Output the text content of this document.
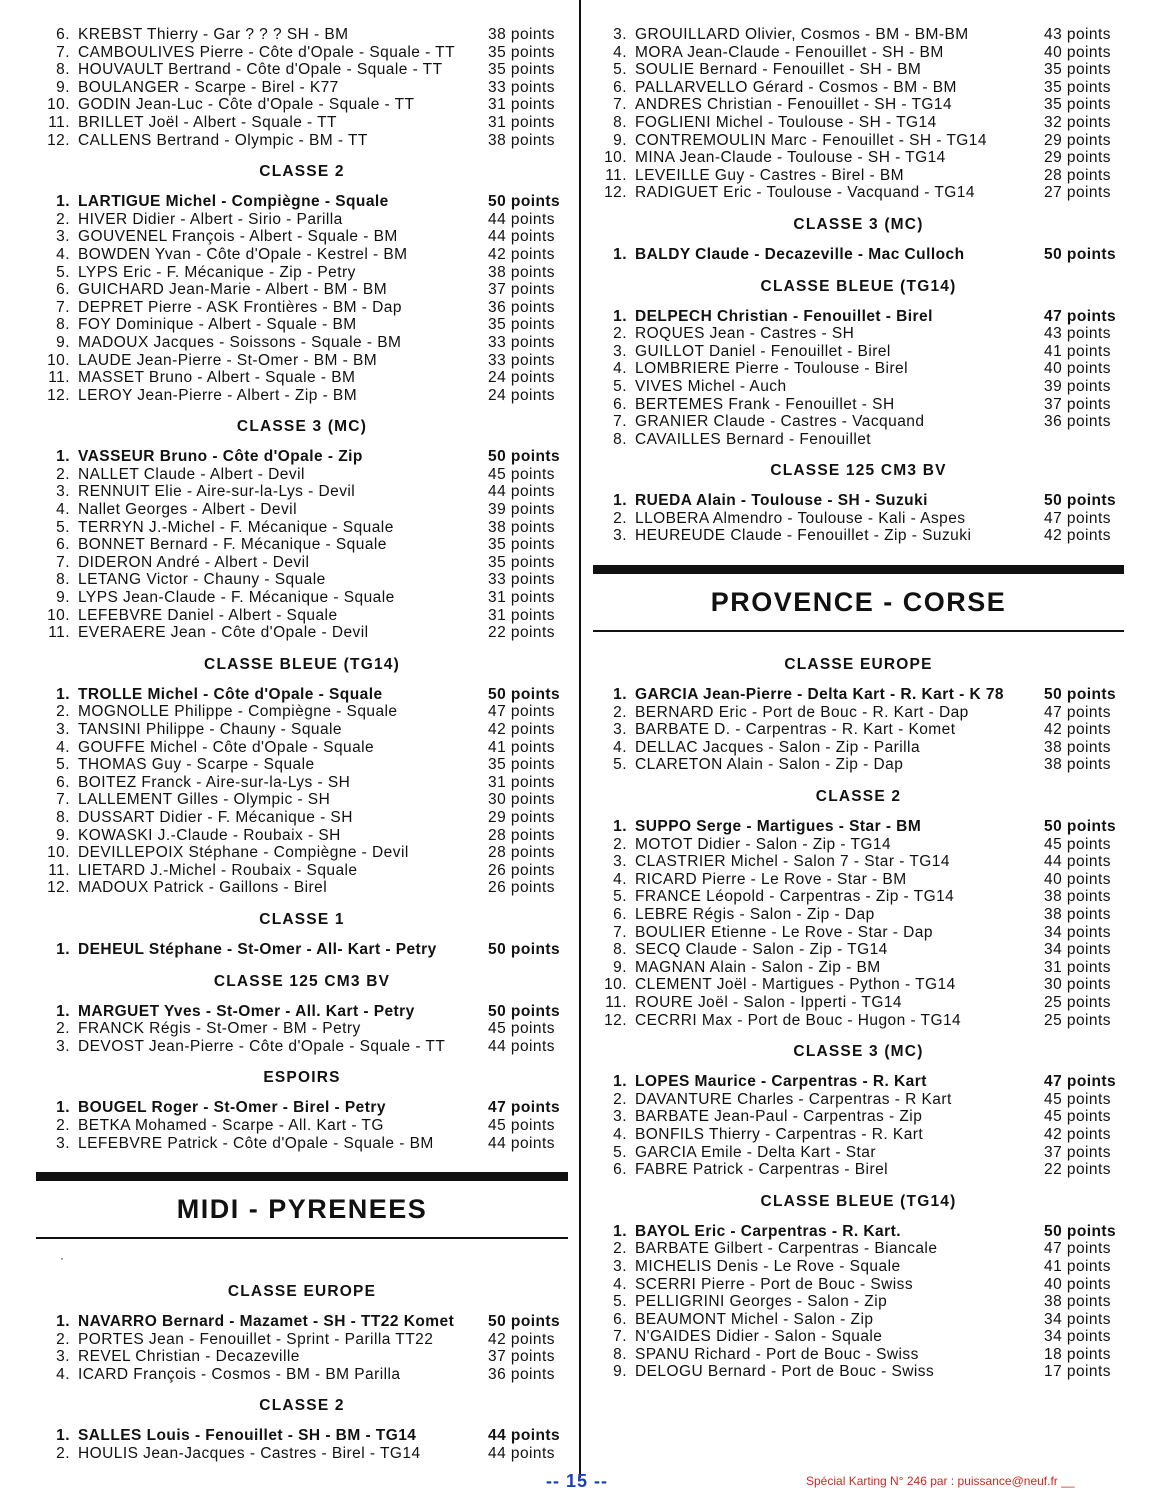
6. KREBST Thierry - Gar ? ? ? SH - BM	38 points
7. CAMBOULIVES Pierre - Côte d'Opale - Squale - TT	35 points
8. HOUVAULT Bertrand - Côte d'Opale - Squale - TT	35 points
9. BOULANGER - Scarpe - Birel - K77	33 points
10. GODIN Jean-Luc - Côte d'Opale - Squale - TT	31 points
11. BRILLET Joël - Albert - Squale - TT	31 points
12. CALLENS Bertrand - Olympic - BM - TT	38 points
CLASSE 2
1. LARTIGUE Michel - Compiègne - Squale	50 points
2. HIVER Didier - Albert - Sirio - Parilla	44 points
3. GOUVENEL François - Albert - Squale - BM	44 points
4. BOWDEN Yvan - Côte d'Opale - Kestrel - BM	42 points
5. LYPS Eric - F. Mécanique - Zip - Petry	38 points
6. GUICHARD Jean-Marie - Albert - BM - BM	37 points
7. DEPRET Pierre - ASK Frontières - BM - Dap	36 points
8. FOY Dominique - Albert - Squale - BM	35 points
9. MADOUX Jacques - Soissons - Squale - BM	33 points
10. LAUDE Jean-Pierre - St-Omer - BM - BM	33 points
11. MASSET Bruno - Albert - Squale - BM	24 points
12. LEROY Jean-Pierre - Albert - Zip - BM	24 points
CLASSE 3 (MC)
1. VASSEUR Bruno - Côte d'Opale - Zip	50 points
2. NALLET Claude - Albert - Devil	45 points
3. RENNUIT Elie - Aire-sur-la-Lys - Devil	44 points
4. Nallet Georges - Albert - Devil	39 points
5. TERRYN J.-Michel - F. Mécanique - Squale	38 points
6. BONNET Bernard - F. Mécanique - Squale	35 points
7. DIDERON André - Albert - Devil	35 points
8. LETANG Victor - Chauny - Squale	33 points
9. LYPS Jean-Claude - F. Mécanique - Squale	31 points
10. LEFEBVRE Daniel - Albert - Squale	31 points
11. EVERAERE Jean - Côte d'Opale - Devil	22 points
CLASSE BLEUE (TG14)
1. TROLLE Michel - Côte d'Opale - Squale	50 points
2. MOGNOLLE Philippe - Compiègne - Squale	47 points
3. TANSINI Philippe - Chauny - Squale	42 points
4. GOUFFE Michel - Côte d'Opale - Squale	41 points
5. THOMAS Guy - Scarpe - Squale	35 points
6. BOITEZ Franck - Aire-sur-la-Lys - SH	31 points
7. LALLEMENT Gilles - Olympic - SH	30 points
8. DUSSART Didier - F. Mécanique - SH	29 points
9. KOWASKI J.-Claude - Roubaix - SH	28 points
10. DEVILLEPOIX Stéphane - Compiègne - Devil	28 points
11. LIETARD J.-Michel - Roubaix - Squale	26 points
12. MADOUX Patrick - Gaillons - Birel	26 points
CLASSE 1
1. DEHEUL Stéphane - St-Omer - All- Kart - Petry	50 points
CLASSE 125 CM3 BV
1. MARGUET Yves - St-Omer - All. Kart - Petry	50 points
2. FRANCK Régis - St-Omer - BM - Petry	45 points
3. DEVOST Jean-Pierre - Côte d'Opale - Squale - TT	44 points
ESPOIRS
1. BOUGEL Roger - St-Omer - Birel - Petry	47 points
2. BETKA Mohamed - Scarpe - All. Kart - TG	45 points
3. LEFEBVRE Patrick - Côte d'Opale - Squale - BM	44 points
MIDI - PYRENEES
·
CLASSE EUROPE
1. NAVARRO Bernard - Mazamet - SH - TT22 Komet	50 points
2. PORTES Jean - Fenouillet - Sprint - Parilla TT22	42 points
3. REVEL Christian - Decazeville	37 points
4. ICARD François - Cosmos - BM - BM Parilla	36 points
CLASSE 2
1. SALLES Louis - Fenouillet - SH - BM - TG14	44 points
2. HOULIS Jean-Jacques - Castres - Birel - TG14	44 points
3. GROUILLARD Olivier, Cosmos - BM - BM-BM	43 points
4. MORA Jean-Claude - Fenouillet - SH - BM	40 points
5. SOULIE Bernard - Fenouillet - SH - BM	35 points
6. PALLARVELLO Gérard - Cosmos - BM - BM	35 points
7. ANDRES Christian - Fenouillet - SH - TG14	35 points
8. FOGLIENI Michel - Toulouse - SH - TG14	32 points
9. CONTREMOULIN Marc - Fenouillet - SH - TG14	29 points
10. MINA Jean-Claude - Toulouse - SH - TG14	29 points
11. LEVEILLE Guy - Castres - Birel - BM	28 points
12. RADIGUET Eric - Toulouse - Vacquand - TG14	27 points
CLASSE 3 (MC)
1. BALDY Claude - Decazeville - Mac Culloch	50 points
CLASSE BLEUE (TG14)
1. DELPECH Christian - Fenouillet - Birel	47 points
2. ROQUES Jean - Castres - SH	43 points
3. GUILLOT Daniel - Fenouillet - Birel	41 points
4. LOMBRIERE Pierre - Toulouse - Birel	40 points
5. VIVES Michel - Auch	39 points
6. BERTEMES Frank - Fenouillet - SH	37 points
7. GRANIER Claude - Castres - Vacquand	36 points
8. CAVAILLES Bernard - Fenouillet
CLASSE 125 CM3 BV
1. RUEDA Alain - Toulouse - SH - Suzuki	50 points
2. LLOBERA Almendro - Toulouse - Kali - Aspes	47 points
3. HEUREUDE Claude - Fenouillet - Zip - Suzuki	42 points
PROVENCE - CORSE
CLASSE EUROPE
1. GARCIA Jean-Pierre - Delta Kart - R. Kart - K 78	50 points
2. BERNARD Eric - Port de Bouc - R. Kart - Dap	47 points
3. BARBATE D. - Carpentras - R. Kart - Komet	42 points
4. DELLAC Jacques - Salon - Zip - Parilla	38 points
5. CLARETON Alain - Salon - Zip - Dap	38 points
CLASSE 2
1. SUPPO Serge - Martigues - Star - BM	50 points
2. MOTOT Didier - Salon - Zip - TG14	45 points
3. CLASTRIER Michel - Salon 7 - Star - TG14	44 points
4. RICARD Pierre - Le Rove - Star - BM	40 points
5. FRANCE Léopold - Carpentras - Zip - TG14	38 points
6. LEBRE Régis - Salon - Zip - Dap	38 points
7. BOULIER Etienne - Le Rove - Star - Dap	34 points
8. SECQ Claude - Salon - Zip - TG14	34 points
9. MAGNAN Alain - Salon - Zip - BM	31 points
10. CLEMENT Joël - Martigues - Python - TG14	30 points
11. ROURE Joël - Salon - Ipperti - TG14	25 points
12. CECRRI Max - Port de Bouc - Hugon - TG14	25 points
CLASSE 3 (MC)
1. LOPES Maurice - Carpentras - R. Kart	47 points
2. DAVANTURE Charles - Carpentras - R Kart	45 points
3. BARBATE Jean-Paul - Carpentras - Zip	45 points
4. BONFILS Thierry - Carpentras - R. Kart	42 points
5. GARCIA Emile - Delta Kart - Star	37 points
6. FABRE Patrick - Carpentras - Birel	22 points
CLASSE BLEUE (TG14)
1. BAYOL Eric - Carpentras - R. Kart.	50 points
2. BARBATE Gilbert - Carpentras - Biancale	47 points
3. MICHELIS Denis - Le Rove - Squale	41 points
4. SCERRI Pierre - Port de Bouc - Swiss	40 points
5. PELLIGRINI Georges - Salon - Zip	38 points
6. BEAUMONT Michel - Salon - Zip	34 points
7. N'GAIDES Didier - Salon - Squale	34 points
8. SPANU Richard - Port de Bouc - Swiss	18 points
9. DELOGU Bernard - Port de Bouc - Swiss	17 points
-- 15 --	Spécial Karting N° 246 par : puissance@neuf.fr __
